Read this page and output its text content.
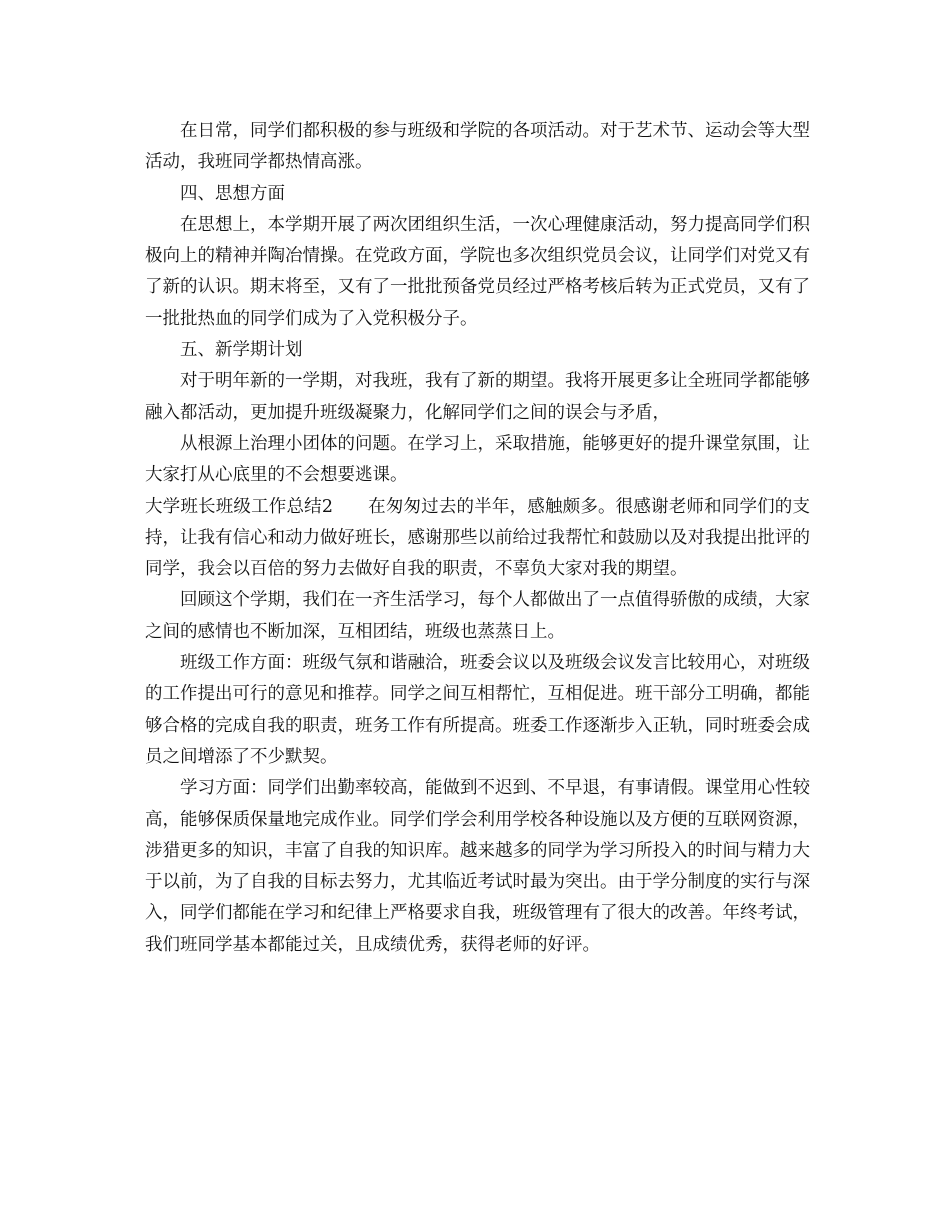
在日常，同学们都积极的参与班级和学院的各项活动。对于艺术节、运动会等大型活动，我班同学都热情高涨。

四、思想方面

在思想上，本学期开展了两次团组织生活，一次心理健康活动，努力提高同学们积极向上的精神并陶冶情操。在党政方面，学院也多次组织党员会议，让同学们对党又有了新的认识。期末将至，又有了一批批预备党员经过严格考核后转为正式党员，又有了一批批热血的同学们成为了入党积极分子。

五、新学期计划

对于明年新的一学期，对我班，我有了新的期望。我将开展更多让全班同学都能够融入都活动，更加提升班级凝聚力，化解同学们之间的误会与矛盾，

从根源上治理小团体的问题。在学习上，采取措施，能够更好的提升课堂氛围，让大家打从心底里的不会想要逃课。

大学班长班级工作总结2 在匆匆过去的半年，感触颇多。很感谢老师和同学们的支持，让我有信心和动力做好班长，感谢那些以前给过我帮忙和鼓励以及对我提出批评的同学，我会以百倍的努力去做好自我的职责，不辜负大家对我的期望。

回顾这个学期，我们在一齐生活学习，每个人都做出了一点值得骄傲的成绩，大家之间的感情也不断加深，互相团结，班级也蒸蒸日上。

班级工作方面：班级气氛和谐融洽，班委会议以及班级会议发言比较用心，对班级的工作提出可行的意见和推荐。同学之间互相帮忙，互相促进。班干部分工明确，都能够合格的完成自我的职责，班务工作有所提高。班委工作逐渐步入正轨，同时班委会成员之间增添了不少默契。

学习方面：同学们出勤率较高，能做到不迟到、不早退，有事请假。课堂用心性较高，能够保质保量地完成作业。同学们学会利用学校各种设施以及方便的互联网资源，涉猎更多的知识，丰富了自我的知识库。越来越多的同学为学习所投入的时间与精力大于以前，为了自我的目标去努力，尤其临近考试时最为突出。由于学分制度的实行与深入，同学们都能在学习和纪律上严格要求自我，班级管理有了很大的改善。年终考试，我们班同学基本都能过关，且成绩优秀，获得老师的好评。
